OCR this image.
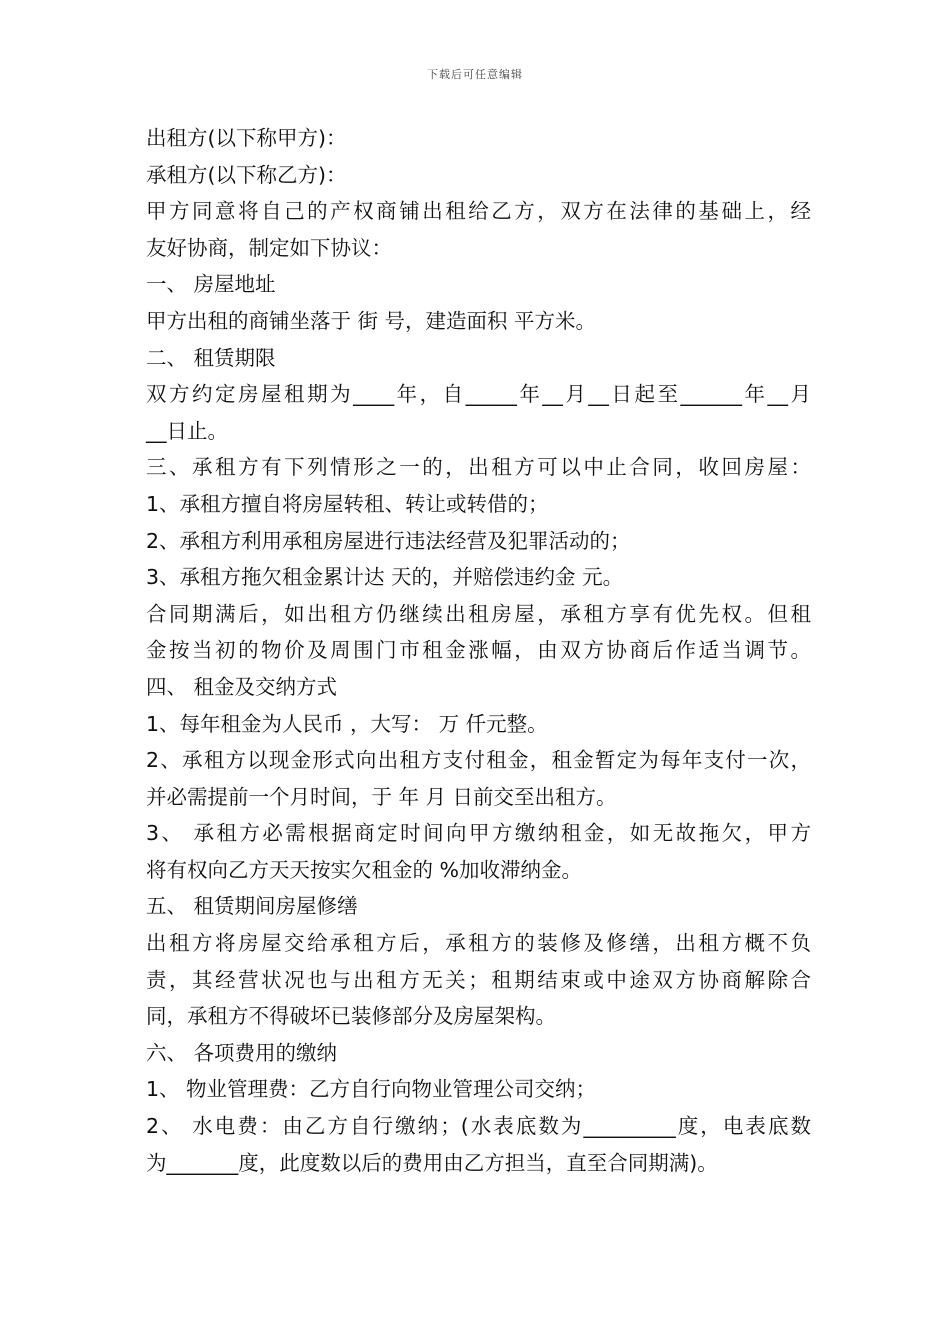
下载后可任意编辑
出租方(以下称甲方)：
承租方(以下称乙方)：
甲方同意将自己的产权商铺出租给乙方，双方在法律的基础上，经
友好协商，制定如下协议：
一、 房屋地址
甲方出租的商铺坐落于 街 号，建造面积 平方米。
二、 租赁期限
双方约定房屋租期为____年，自_____年__月__日起至______年__月
__日止。
三、承租方有下列情形之一的，出租方可以中止合同，收回房屋：
1、承租方擅自将房屋转租、转让或转借的；
2、承租方利用承租房屋进行违法经营及犯罪活动的；
3、承租方拖欠租金累计达 天的，并赔偿违约金 元。
合同期满后，如出租方仍继续出租房屋，承租方享有优先权。但租
金按当初的物价及周围门市租金涨幅，由双方协商后作适当调节。
四、 租金及交纳方式
1、每年租金为人民币 ，大写： 万 仟元整。
2、承租方以现金形式向出租方支付租金，租金暂定为每年支付一次，
并必需提前一个月时间，于 年 月 日前交至出租方。
3、 承租方必需根据商定时间向甲方缴纳租金，如无故拖欠，甲方
将有权向乙方天天按实欠租金的 %加收滞纳金。
五、 租赁期间房屋修缮
出租方将房屋交给承租方后，承租方的装修及修缮，出租方概不负
责，其经营状况也与出租方无关；租期结束或中途双方协商解除合
同，承租方不得破坏已装修部分及房屋架构。
六、 各项费用的缴纳
1、 物业管理费：乙方自行向物业管理公司交纳；
2、 水电费：由乙方自行缴纳；(水表底数为_________度，电表底数
为_______度，此度数以后的费用由乙方担当，直至合同期满)。
